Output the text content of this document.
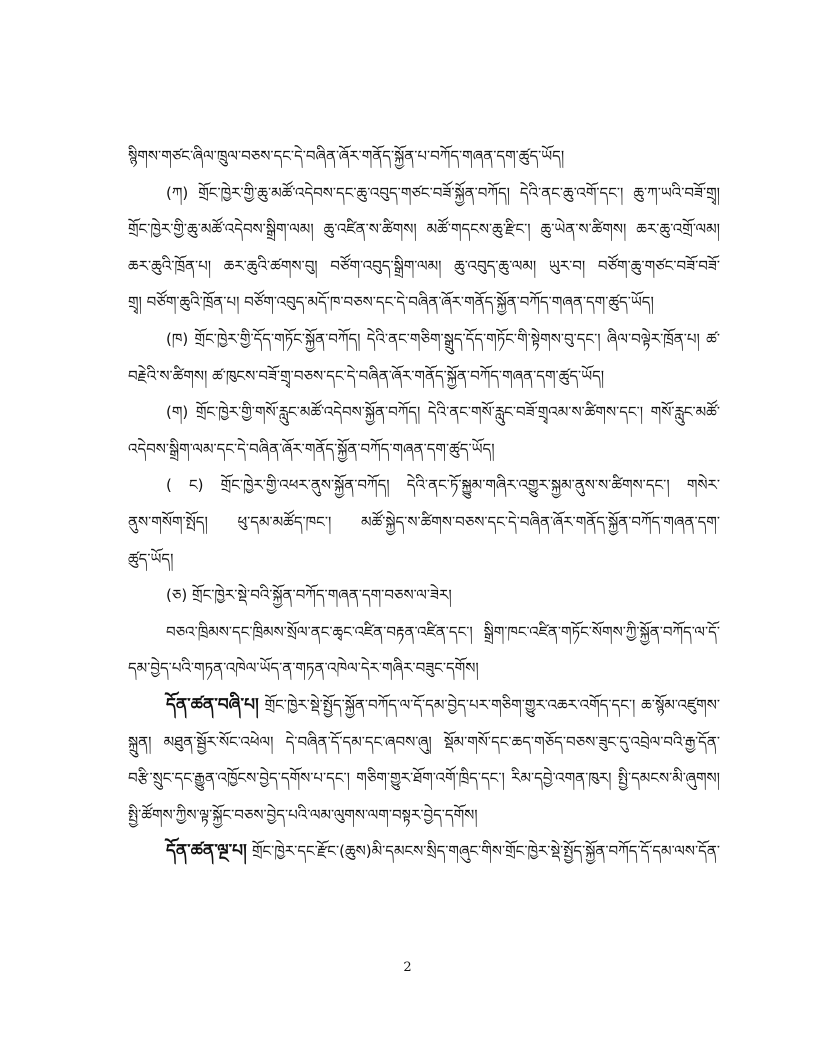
སྙིགས་གཙང་ཞིལ་ཁྲུལ་བཅས་དང་དེ་བཞིན་ཞོར་གནོད་སྐྱོན་པ་བཀོད་གཞན་དག་ཚུད་ཡོད།
(ཀ) གྲོང་ཁྱེར་གྱི་ཆུ་མཚོ་འདེབས་དང་ཆུ་འབུད་གཙང་བཟོ་སྐྱོན་བཀོད། དེའི་ནང་ཆུ་འགོ་དང་། ཆུ་ཀ་ཡའི་བཟོ་གྲྭ།
གྲོང་ཁྱེར་གྱི་ཆུ་མཚོ་འདེབས་སྒྲིག་ལམ། ཆུ་འཛིན་ས་ཚིགས། མཚོ་གདངས་ཆུ་རྫིང་། ཆུ་ཡེན་ས་ཚིགས། ཆར་ཆུ་འགྲོ་ལམ།
ཆར་ཆུའི་ཁྲོན་པ། ཆར་ཆུའི་ཚགས་བུ། བཙོག་འབུད་སྒྲིག་ལམ། ཆུ་འབུད་ཆུ་ལམ། ཡུར་བ། བཙོག་ཆུ་གཙང་བཟོ་བཟོ་
གྲྭ། བཙོག་ཆུའི་ཁྲོན་པ། བཙོག་འབུད་མདོ་ཁ་བཅས་དང་དེ་བཞིན་ཞོར་གནོད་སྐྱོན་བཀོད་གཞན་དག་ཚུད་ཡོད།
(ཁ) གྲོང་ཁྱེར་གྱི་དོད་གཏོང་སྐྱོན་བཀོད། དེའི་ནང་གཅིག་སྒྲུད་དོད་གཏོང་གི་སྟེགས་བུ་དང་། ཞིལ་བལྟེར་ཁྲོན་པ། ཚ་
བརྗེའི་ས་ཚིགས། ཚ་ཁུངས་བཟོ་གྲྭ་བཅས་དང་དེ་བཞིན་ཞོར་གནོད་སྐྱོན་བཀོད་གཞན་དག་ཚུད་ཡོད།
(ག) གྲོང་ཁྱེར་གྱི་གསོ་རླུང་མཚོ་འདེབས་སྐྱོན་བཀོད། དེའི་ནང་གསོ་རླུང་བཟོ་གྲྭའམ་ས་ཚིགས་དང་། གསོ་རླུང་མཚོ་
འདེབས་སྒྲིག་ལམ་དང་དེ་བཞིན་ཞོར་གནོད་སྐྱོན་བཀོད་གཞན་དག་ཚུད་ཡོད།
( ང) གྲོང་ཁྱེར་གྱི་འཕར་ནུས་སྐྱོན་བཀོད། དེའི་ནང་ཏོ་སྐྱུམ་གཞིར་འགྱུར་སྐྱམ་ནུས་ས་ཚིགས་དང་། གསེར་
ནུས་གསོག་སྤོད། ཕུ་དམ་མཚོད་ཁང་། མཚོ་སྐྱེད་ས་ཚིགས་བཅས་དང་དེ་བཞིན་ཞོར་གནོད་སྐྱོན་བཀོད་གཞན་དག་
ཚུད་ཡོད།
(ཅ) གྲོང་ཁྱེར་སྡེ་བའི་སྐྱོན་བཀོད་གཞན་དག་བཅས་ལ་ཟེར།
བཅའ་ཁྲིམས་དང་ཁྲིམས་སྲོལ་ནང་ཆྭང་འཛིན་བརྟན་འཛིན་དང་། སྒྲིག་ཁང་འཛིན་གཏོང་སོགས་ཀྱི་སྐྱོན་བཀོད་ལ་དོ་
དམ་བྱེད་པའི་གཏན་འཁེལ་ཡོད་ན་གཏན་འཁེལ་དེར་གཞིར་བཟུང་དགོས།
དོན་ཚན་བཞི་པ། གྲོང་ཁྱེར་སྡེ་སྤྱོད་སྐྱོན་བཀོད་ལ་དོ་དམ་བྱེད་པར་གཅིག་གྱུར་འཆར་འགོད་དང་། ཆ་སྙོམ་འཛུགས་
སྐྲུན། མཐུན་སྦྱོར་སོང་འཕེལ། དེ་བཞིན་དོ་དམ་དང་ཞབས་ཞུ། སྡོམ་གསོ་དང་ཆད་གཅོད་བཅས་ཟུང་དུ་འབྲེལ་བའི་རྒྱ་དོན་
བརྩི་སྲུང་དང་རྒྱུན་འཁྱོངས་བྱེད་དགོས་པ་དང་། གཅིག་གྱུར་ཐོག་འགོ་ཁྲིད་དང་། རིམ་དབྱེ་འགན་ཁུར། སྤྱི་དམངས་མི་ཞུགས།
སྤྱི་ཚོགས་ཀྱིས་ལྟ་སྐྱོང་བཅས་བྱེད་པའི་ལམ་ལུགས་ལག་བསྟར་བྱེད་དགོས།
དོན་ཚན་ལྔ་པ། གྲོང་ཁྱེར་དང་རྫོང་(ཆུས)མི་དམངས་སྲིད་གཞུང་གིས་གྲོང་ཁྱེར་སྡེ་སྤྱོད་སྐྱོན་བཀོད་དོ་དམ་ལས་དོན་
2
